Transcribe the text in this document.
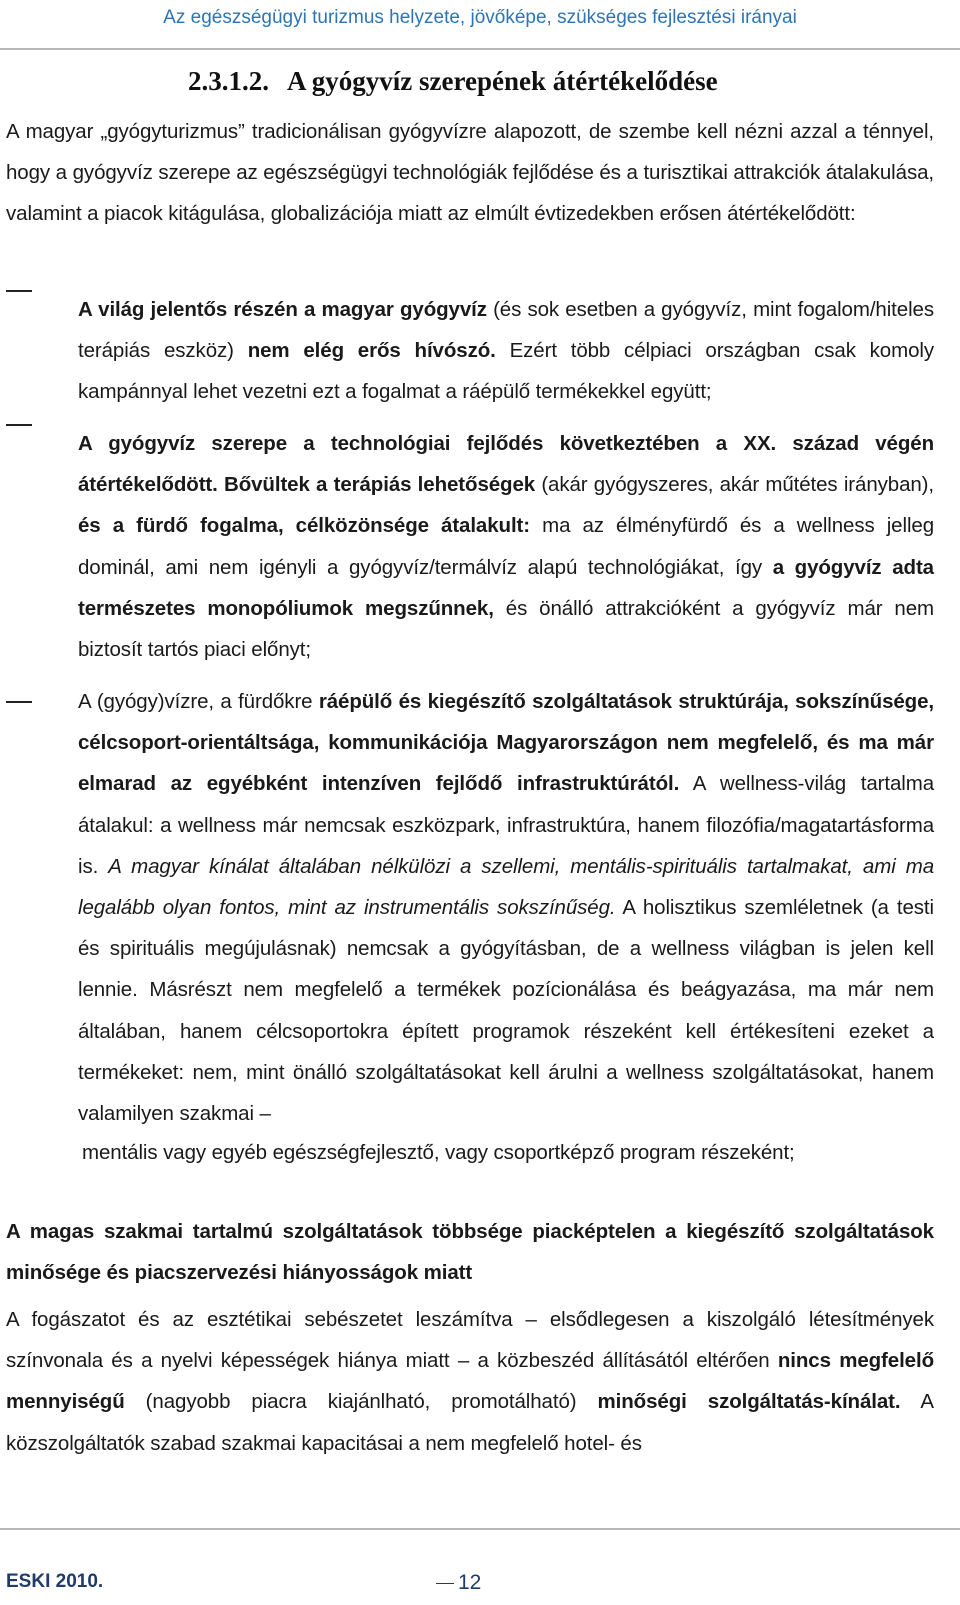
Az egészségügyi turizmus helyzete, jövőképe, szükséges fejlesztési irányai
2.3.1.2. A gyógyvíz szerepének átértékelődése
A magyar „gyógyturizmus” tradicionálisan gyógyvízre alapozott, de szembe kell nézni azzal a ténnyel, hogy a gyógyvíz szerepe az egészségügyi technológiák fejlődése és a turisztikai attrakciók átalakulása, valamint a piacok kitágulása, globalizációja miatt az elmúlt évtizedekben erősen átértékelődött:
A világ jelentős részén a magyar gyógyvíz (és sok esetben a gyógyvíz, mint fogalom/hiteles terápiás eszköz) nem elég erős hívószó. Ezért több célpiaci országban csak komoly kampánnyal lehet vezetni ezt a fogalmat a ráépülő termékekkel együtt;
A gyógyvíz szerepe a technológiai fejlődés következtében a XX. század végén átértékelődött. Bővültek a terápiás lehetőségek (akár gyógyszeres, akár műtétes irányban), és a fürdő fogalma, célközönsége átalakult: ma az élményfürdő és a wellness jelleg dominál, ami nem igényli a gyógyvíz/termálvíz alapú technológiákat, így a gyógyvíz adta természetes monopóliumok megszűnnek, és önálló attrakcióként a gyógyvíz már nem biztosít tartós piaci előnyt;
A (gyógy)vízre, a fürdőkre ráépülő és kiegészítő szolgáltatások struktúrája, sokszínűsége, célcsoport-orientáltsága, kommunikációja Magyarországon nem megfelelő, és ma már elmarad az egyébként intenzíven fejlődő infrastruktúrától. A wellness-világ tartalma átalakul: a wellness már nemcsak eszközpark, infrastruktúra, hanem filozófia/magatartásforma is. A magyar kínálat általában nélkülözi a szellemi, mentális-spirituális tartalmakat, ami ma legalább olyan fontos, mint az instrumentális sokszínűség. A holisztikus szemléletnek (a testi és spirituális megújulásnak) nemcsak a gyógyításban, de a wellness világban is jelen kell lennie. Másrészt nem megfelelő a termékek pozícionálása és beágyazása, ma már nem általában, hanem célcsoportokra épített programok részeként kell értékesíteni ezeket a termékeket: nem, mint önálló szolgáltatásokat kell árulni a wellness szolgáltatásokat, hanem valamilyen szakmai –
mentális vagy egyéb egészségfejlesztő, vagy csoportképző program részeként;
A magas szakmai tartalmú szolgáltatások többsége piacképtelen a kiegészítő szolgáltatások minősége és piacszervezési hiányosságok miatt
A fogászatot és az esztétikai sebészetet leszámítva – elsődlegesen a kiszolgáló létesítmények színvonala és a nyelvi képességek hiánya miatt – a közbeszéd állításától eltérően nincs megfelelő mennyiségű (nagyobb piacra kiajánlható, promotálható) minőségi szolgáltatás-kínálat. A közszolgáltatók szabad szakmai kapacitásai a nem megfelelő hotel- és
ESKI 2010.	12
